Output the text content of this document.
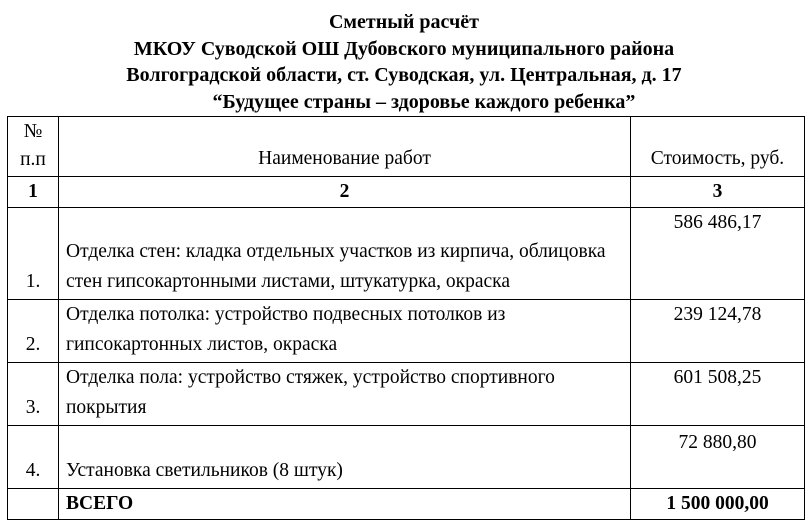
Сметный расчёт
МКОУ Суводской ОШ Дубовского муниципального района
Волгоградской области, ст. Суводская, ул. Центральная, д. 17
“Будущее страны – здоровье каждого ребенка”
№
п.п	Наименование работ	Стоимость, руб.
1	2	3
1.	Отделка стен: кладка отдельных участков из кирпича, облицовка стен гипсокартонными листами, штукатурка, окраска	586 486,17
2.	Отделка потолка: устройство подвесных потолков из гипсокартонных листов, окраска	239 124,78
3.	Отделка пола: устройство стяжек, устройство спортивного покрытия	601 508,25
4.	Установка светильников (8 штук)	72 880,80
	ВСЕГО	1 500 000,00
